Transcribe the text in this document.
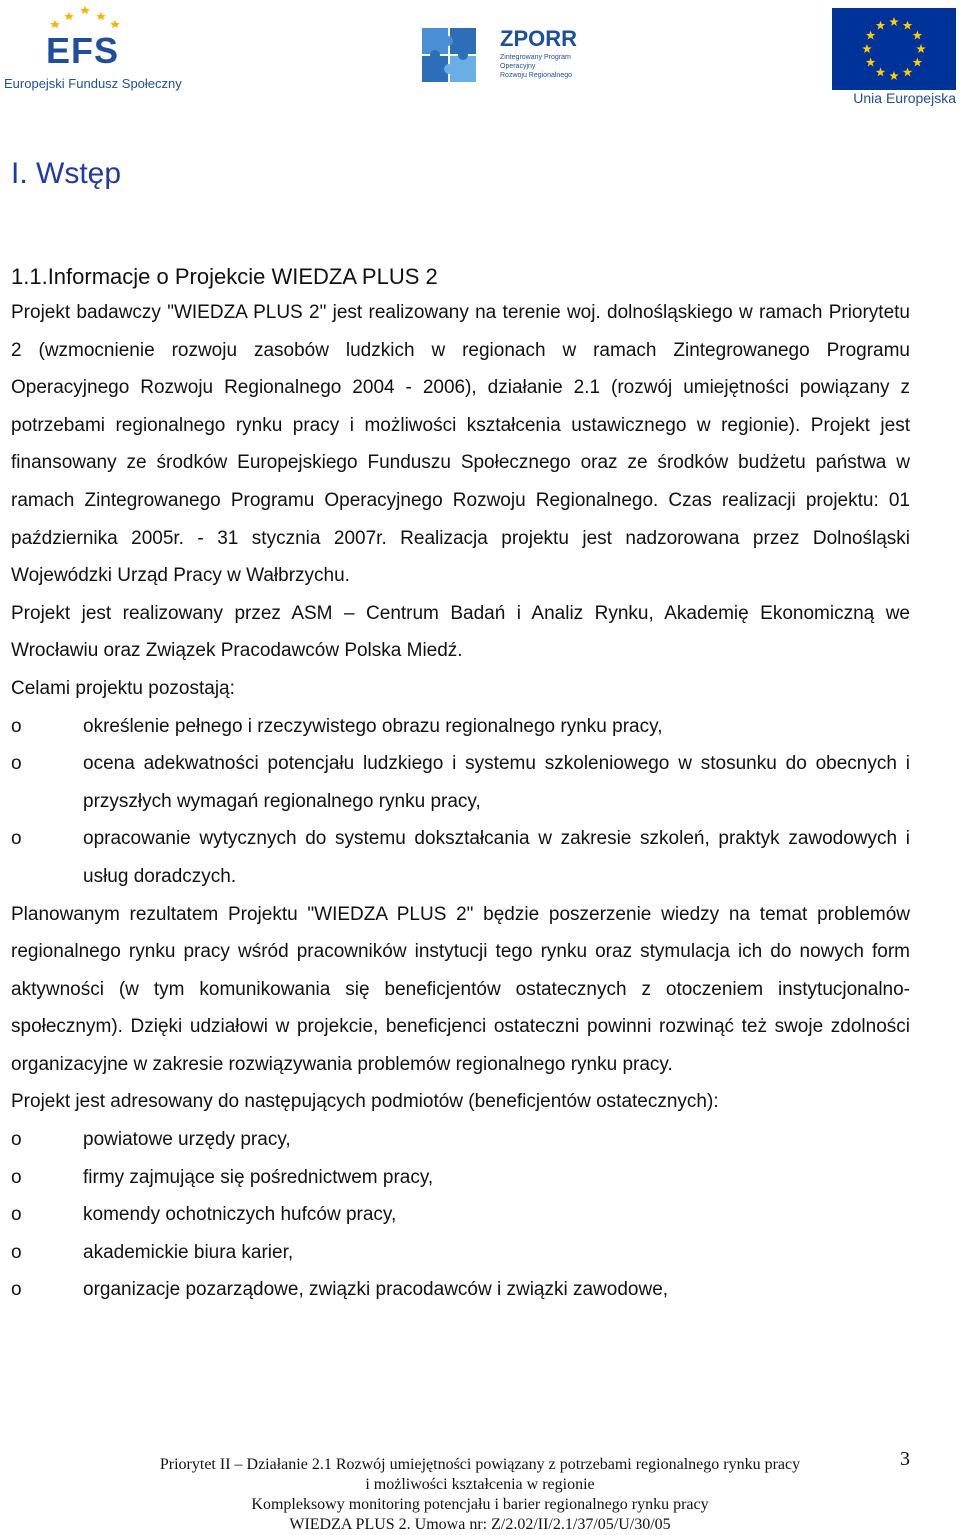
EFS
Europejski Fundusz Społeczny
ZPORR
Zintegrowany Program
Operacyjny
Rozwoju Regionalnego
Unia Europejska
I. Wstęp
1.1.Informacje o Projekcie WIEDZA PLUS 2

Projekt badawczy "WIEDZA PLUS 2" jest realizowany na terenie woj. dolnośląskiego w ramach Priorytetu 2 (wzmocnienie rozwoju zasobów ludzkich w regionach w ramach Zintegrowanego Programu Operacyjnego Rozwoju Regionalnego 2004 - 2006), działanie 2.1 (rozwój umiejętności powiązany z potrzebami regionalnego rynku pracy i możliwości kształcenia ustawicznego w regionie). Projekt jest finansowany ze środków Europejskiego Funduszu Społecznego oraz ze środków budżetu państwa w ramach Zintegrowanego Programu Operacyjnego Rozwoju Regionalnego. Czas realizacji projektu: 01 października 2005r. - 31 stycznia 2007r. Realizacja projektu jest nadzorowana przez Dolnośląski Wojewódzki Urząd Pracy w Wałbrzychu.

Projekt jest realizowany przez ASM – Centrum Badań i Analiz Rynku, Akademię Ekonomiczną we Wrocławiu oraz Związek Pracodawców Polska Miedź.

Celami projektu pozostają:

o	określenie pełnego i rzeczywistego obrazu regionalnego rynku pracy,
o	ocena adekwatności potencjału ludzkiego i systemu szkoleniowego w stosunku do obecnych i przyszłych wymagań regionalnego rynku pracy,
o	opracowanie wytycznych do systemu dokształcania w zakresie szkoleń, praktyk zawodowych i usług doradczych.

Planowanym rezultatem Projektu "WIEDZA PLUS 2" będzie poszerzenie wiedzy na temat problemów regionalnego rynku pracy wśród pracowników instytucji tego rynku oraz stymulacja ich do nowych form aktywności (w tym komunikowania się beneficjentów ostatecznych z otoczeniem instytucjonalno-społecznym). Dzięki udziałowi w projekcie, beneficjenci ostateczni powinni rozwinąć też swoje zdolności organizacyjne w zakresie rozwiązywania problemów regionalnego rynku pracy.

Projekt jest adresowany do następujących podmiotów (beneficjentów ostatecznych):

o	powiatowe urzędy pracy,
o	firmy zajmujące się pośrednictwem pracy,
o	komendy ochotniczych hufców pracy,
o	akademickie biura karier,
o	organizacje pozarządowe, związki pracodawców i związki zawodowe,
Priorytet II – Działanie 2.1 Rozwój umiejętności powiązany z potrzebami regionalnego rynku pracy
i możliwości kształcenia w regionie
Kompleksowy monitoring potencjału i barier regionalnego rynku pracy
WIEDZA PLUS 2. Umowa nr: Z/2.02/II/2.1/37/05/U/30/05
3
